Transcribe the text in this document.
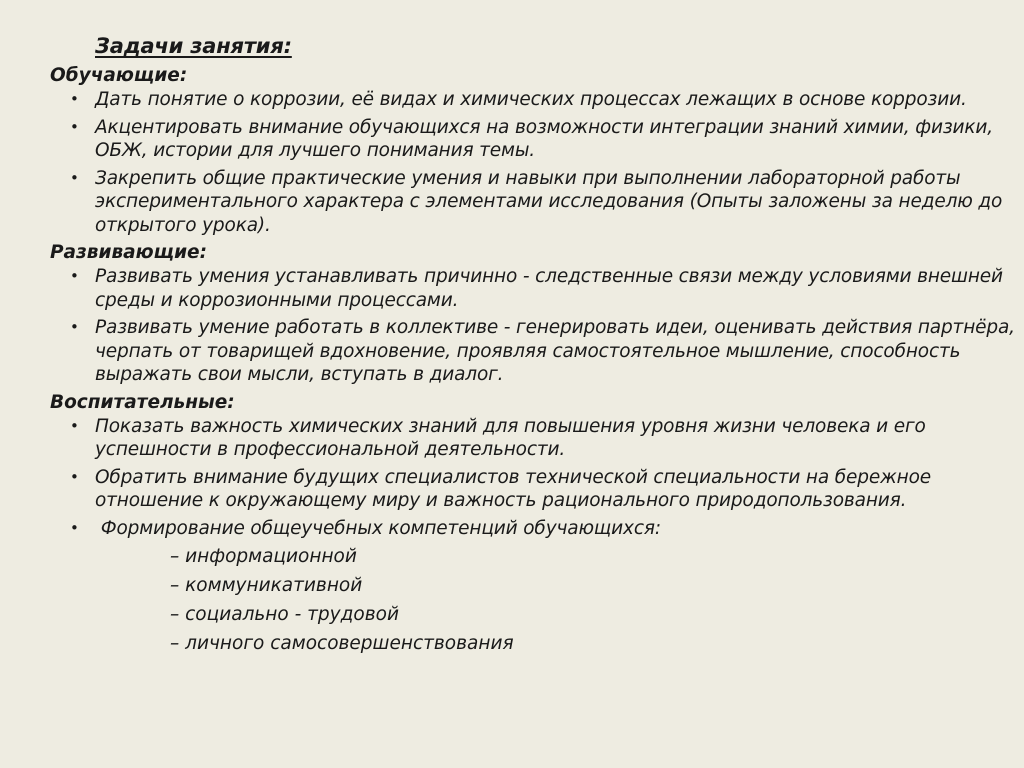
Задачи занятия:
Обучающие:
• Дать понятие о коррозии, её видах и химических процессах лежащих в основе коррозии.
• Акцентировать внимание обучающихся на возможности интеграции знаний химии, физики, ОБЖ, истории для лучшего понимания темы.
• Закрепить общие практические умения и навыки при выполнении лабораторной работы экспериментального характера с элементами исследования (Опыты заложены за неделю до открытого урока).
Развивающие:
• Развивать умения устанавливать причинно - следственные связи между условиями внешней среды и коррозионными процессами.
• Развивать умение работать в коллективе - генерировать идеи, оценивать действия партнёра, черпать от товарищей вдохновение, проявляя самостоятельное мышление, способность выражать свои мысли, вступать в диалог.
Воспитательные:
• Показать важность химических знаний для повышения уровня жизни человека и его успешности в профессиональной деятельности.
• Обратить внимание будущих специалистов технической специальности на бережное отношение к окружающему миру и важность рационального природопользования.
• Формирование общеучебных компетенций обучающихся:
– информационной
– коммуникативной
– социально - трудовой
– личного самосовершенствования
